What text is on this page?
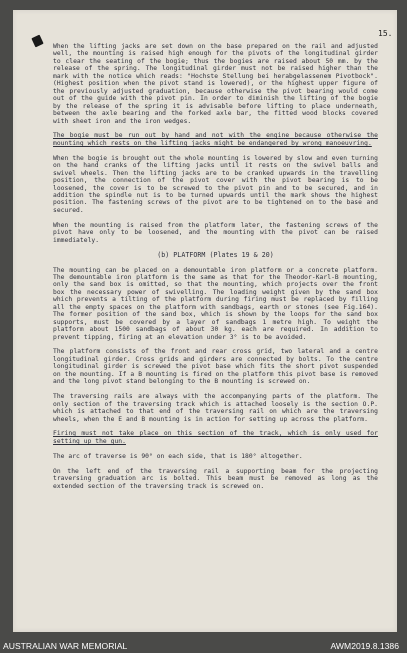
15.

When the lifting jacks are set down on the base prepared on the rail and adjusted well, the mounting is raised high enough for the pivots of the longitudinal girder to clear the seating of the bogie; thus the bogies are raised about 50 mm. by the release of the spring. The longitudinal girder must not be raised higher than the mark with the notice which reads: "Hochste Stellung bei herabgelassenem Pivotbock". (Highest position when the pivot stand is lowered), or the highest upper figure of the previously adjusted graduation, because otherwise the pivot bearing would come out of the guide with the pivot pin. In order to diminish the lifting of the bogie by the release of the spring it is advisable before lifting to place underneath, between the axle bearing and the forked axle bar, the fitted wood blocks covered with sheet iron and the iron wedges.

The bogie must be run out by hand and not with the engine because otherwise the mounting which rests on the lifting jacks might be endangered by wrong manoeuvring.

When the bogie is brought out the whole mounting is lowered by slow and even turning on the hand cranks of the lifting jacks until it rests on the swivel balls and swivel wheels. Then the lifting jacks are to be cranked upwards in the travelling position, the connection of the pivot cover with the pivot bearing is to be loosened, the cover is to be screwed to the pivot pin and to be secured, and in addition the spindle nut is to be turned upwards until the mark shows the highest position. The fastening screws of the pivot are to be tightened on to the base and secured.

When the mounting is raised from the platform later, the fastening screws of the pivot have only to be loosened, and the mounting with the pivot can be raised immediately.

(b) PLATFORM (Plates 19 & 20)

The mounting can be placed on a demountable iron platform or a concrete platform. The demountable iron platform is the same as that for the Theodor-Karl-B mounting, only the sand box is omitted, so that the mounting, which projects over the front box the necessary power of swivelling. The loading weight given by the sand box which prevents a tilting of the platform during firing must be replaced by filling all the empty spaces on the platform with sandbags, earth or stones (see Fig.164). The former position of the sand box, which is shown by the loops for the sand box supports, must be covered by a layer of sandbags 1 metre high. To weight the platform about 1500 sandbags of about 30 kg. each are required. In addition to prevent tipping, firing at an elevation under 3° is to be avoided.

The platform consists of the front and rear cross grid, two lateral and a centre longitudinal girder. Cross grids and girders are connected by bolts. To the centre longitudinal girder is screwed the pivot base which fits the short pivot suspended on the mounting. If a B mounting is fired on the platform this pivot base is removed and the long pivot stand belonging to the B mounting is screwed on.

The traversing rails are always with the accompanying parts of the platform. The only section of the traversing track which is attached loosely is the section O.P. which is attached to that end of the traversing rail on which are the traversing wheels, when the E and B mounting is in action for setting up across the platform.

Firing must not take place on this section of the track, which is only used for setting up the gun.

The arc of traverse is 90° on each side, that is 180° altogether.

On the left end of the traversing rail a supporting beam for the projecting traversing graduation arc is bolted. This beam must be removed as long as the extended section of the traversing track is screwed on.

AUSTRALIAN WAR MEMORIAL	AWM2019.8.1386
